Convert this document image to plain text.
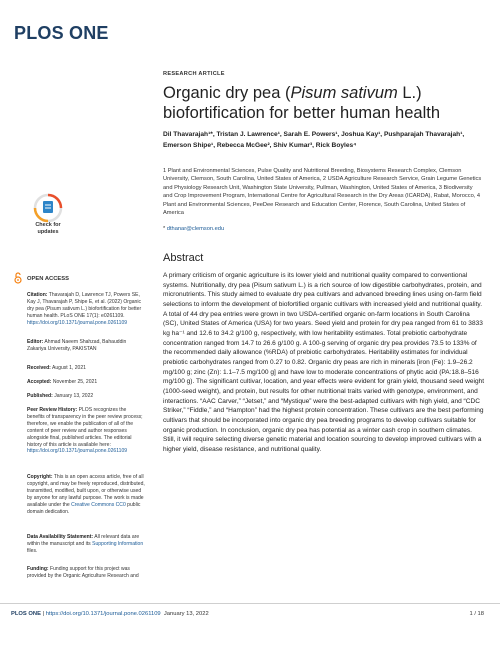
PLOS ONE
RESEARCH ARTICLE
Organic dry pea (Pisum sativum L.) biofortification for better human health
Dil Thavarajah¹*, Tristan J. Lawrence¹, Sarah E. Powers¹, Joshua Kay¹, Pushparajah Thavarajah¹, Emerson Shipe¹, Rebecca McGee², Shiv Kumar³, Rick Boyles⁴
1 Plant and Environmental Sciences, Pulse Quality and Nutritional Breeding, Biosystems Research Complex, Clemson University, Clemson, South Carolina, United States of America, 2 USDA Agriculture Research Service, Grain Legume Genetics and Physiology Research Unit, Washington State University, Pullman, Washington, United States of America, 3 Biodiversity and Crop Improvement Program, International Centre for Agricultural Research in the Dry Areas (ICARDA), Rabat, Morocco, 4 Plant and Environmental Sciences, PeeDee Research and Education Center, Florence, South Carolina, United States of America
* dthanar@clemson.edu
Check for
updates
Abstract
A primary criticism of organic agriculture is its lower yield and nutritional quality compared to conventional systems. Nutritionally, dry pea (Pisum sativum L.) is a rich source of low digestible carbohydrates, protein, and micronutrients. This study aimed to evaluate dry pea cultivars and advanced breeding lines using on-farm field selections to inform the development of biofortified organic cultivars with increased yield and nutritional quality. A total of 44 dry pea entries were grown in two USDA-certified organic on-farm locations in South Carolina (SC), United States of America (USA) for two years. Seed yield and protein for dry pea ranged from 61 to 3833 kg ha⁻¹ and 12.6 to 34.2 g/100 g, respectively, with low heritability estimates. Total prebiotic carbohydrate concentration ranged from 14.7 to 26.6 g/100 g. A 100-g serving of organic dry pea provides 73.5 to 133% of the recommended daily allowance (%RDA) of prebiotic carbohydrates. Heritability estimates for individual prebiotic carbohydrates ranged from 0.27 to 0.82. Organic dry peas are rich in minerals [iron (Fe): 1.9–26.2 mg/100 g; zinc (Zn): 1.1–7.5 mg/100 g] and have low to moderate concentrations of phytic acid (PA:18.8–516 mg/100 g). The significant cultivar, location, and year effects were evident for grain yield, thousand seed weight (1000-seed weight), and protein, but results for other nutritional traits varied with genotype, environment, and interactions. “AAC Carver,” “Jetset,” and “Mystique” were the best-adapted cultivars with high yield, and “CDC Striker,” “Fiddle,” and “Hampton” had the highest protein concentration. These cultivars are the best performing cultivars that should be incorporated into organic dry pea breeding programs to develop cultivars suitable for organic production. In conclusion, organic dry pea has potential as a winter cash crop in southern climates. Still, it will require selecting diverse genetic material and location sourcing to develop improved cultivars with a higher yield, disease resistance, and nutritional quality.
OPEN ACCESS
Citation: Thavarajah D, Lawrence TJ, Powers SE, Kay J, Thavarajah P, Shipe E, et al. (2022) Organic dry pea (Pisum sativum L.) biofortification for better human health. PLoS ONE 17(1): e0261109. https://doi.org/10.1371/journal.pone.0261109
Editor: Ahmad Naeem Shahzad, Bahauddin Zakariya University, PAKISTAN
Received: August 1, 2021
Accepted: November 25, 2021
Published: January 13, 2022
Peer Review History: PLOS recognizes the benefits of transparency in the peer review process; therefore, we enable the publication of all of the content of peer review and author responses alongside final, published articles. The editorial history of this article is available here: https://doi.org/10.1371/journal.pone.0261109
Copyright: This is an open access article, free of all copyright, and may be freely reproduced, distributed, transmitted, modified, built upon, or otherwise used by anyone for any lawful purpose. The work is made available under the Creative Commons CC0 public domain dedication.
Data Availability Statement: All relevant data are within the manuscript and its Supporting Information files.
Funding: Funding support for this project was provided by the Organic Agriculture Research and
PLOS ONE | https://doi.org/10.1371/journal.pone.0261109 January 13, 2022	1 / 18
